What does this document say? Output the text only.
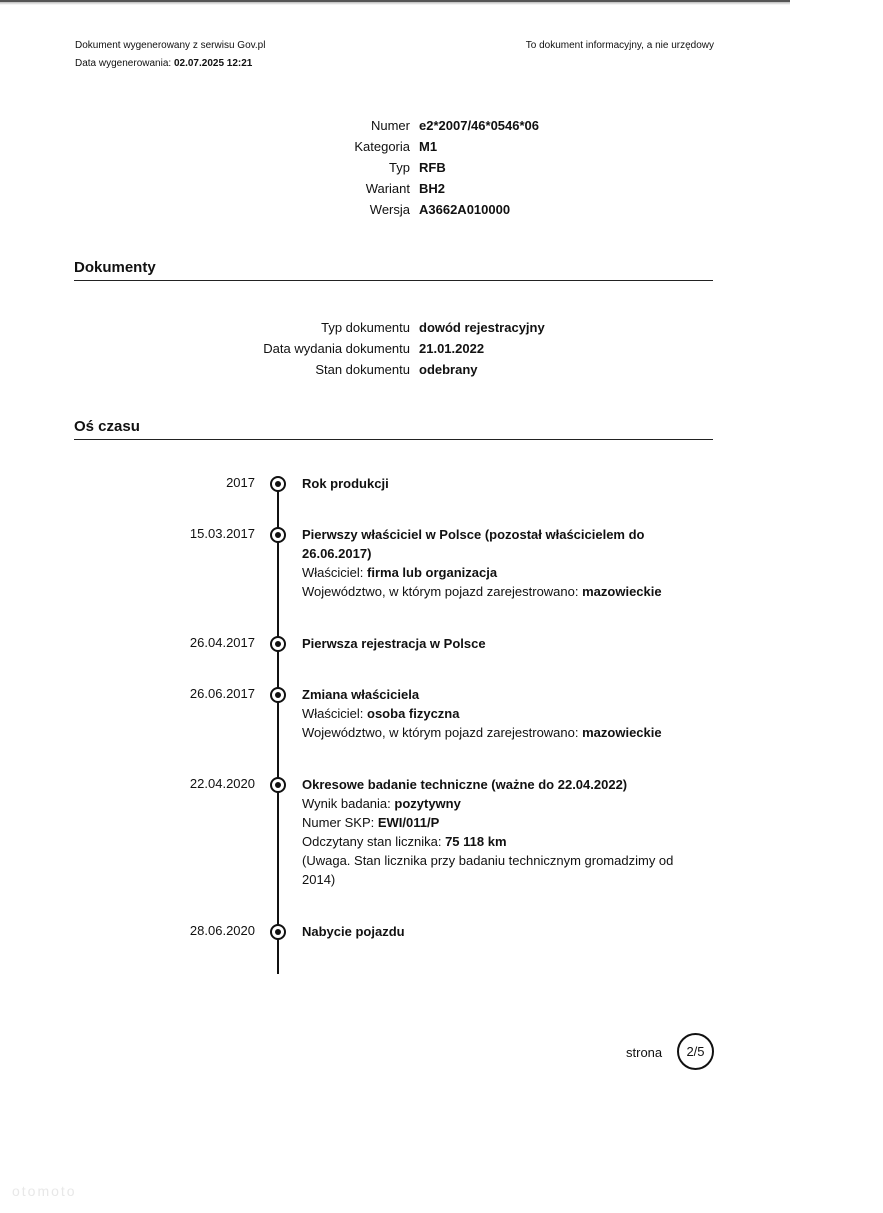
Dokument wygenerowany z serwisu Gov.pl
Data wygenerowania: 02.07.2025 12:21
To dokument informacyjny, a nie urzędowy
Numer e2*2007/46*0546*06
Kategoria M1
Typ RFB
Wariant BH2
Wersja A3662A010000
Dokumenty
Typ dokumentu dowód rejestracyjny
Data wydania dokumentu 21.01.2022
Stan dokumentu odebrany
Oś czasu
2017	Rok produkcji
15.03.2017	Pierwszy właściciel w Polsce (pozostał właścicielem do 26.06.2017)
Właściciel: firma lub organizacja
Województwo, w którym pojazd zarejestrowano: mazowieckie
26.04.2017	Pierwsza rejestracja w Polsce
26.06.2017	Zmiana właściciela
Właściciel: osoba fizyczna
Województwo, w którym pojazd zarejestrowano: mazowieckie
22.04.2020	Okresowe badanie techniczne (ważne do 22.04.2022)
Wynik badania: pozytywny
Numer SKP: EWI/011/P
Odczytany stan licznika: 75 118 km
(Uwaga. Stan licznika przy badaniu technicznym gromadzimy od 2014)
28.06.2020	Nabycie pojazdu
strona	2/5
otomoto
